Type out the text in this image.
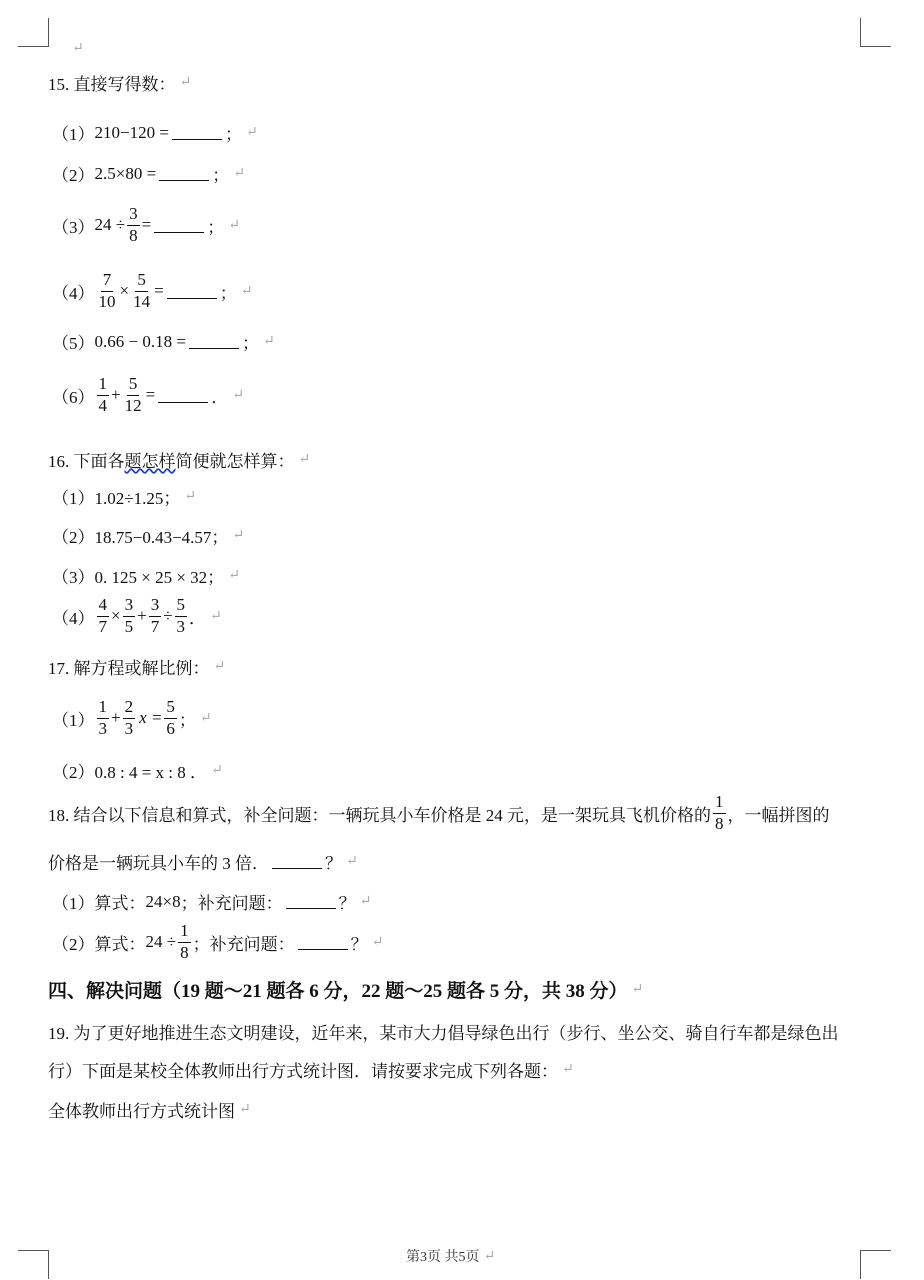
↵
15. 直接写得数： ↵
（1） 210−120 =	； ↵
（2） 2.5×80 =	； ↵
（3） $24 \div \frac{3}{8}$ =	； ↵
$(4) \frac{7}{10} \times \frac{5}{14}$ =	； ↵
（5） 0.66 − 0.18 =	； ↵
$(6) \frac{1}{4} + \frac{5}{12}$ =	． ↵
16. 下面各 题怎样 简便就怎样算： ↵
（1） 1.02÷1.25； ↵
（2） 18.75−0.43−4.57； ↵
（3） 0. 125 × 25 × 32； ↵
$(4) \frac{4}{7} \times \frac{3}{5} + \frac{3}{7} \div \frac{5}{3}$ ． ↵
17. 解方程或解比例： ↵
$(1) \frac{1}{3} + \frac{2}{3}$ $x = \frac{5}{6}$ ； ↵
（2） 0.8 : 4 = x : 8 ． ↵
18. 结合以下信息和算式，补全问题：一辆玩具小车价格是 24 元，是一架玩具飞机价格的 $\frac{1}{8}$ ，一幅拼图的
价格是一辆玩具小车的 3 倍．	？ ↵
（1） 算式： 24×8 ；补充问题：	？ ↵
（2） 算式： $24 \div \frac{1}{8}$ ；补充问题：	？ ↵
四、解决问题（19 题～21 题各 6 分，22 题～25 题各 5 分，共 38 分） ↵
19. 为了更好地推进生态文明建设，近年来，某市大力倡导绿色出行（步行、坐公交、骑自行车都是绿色出
行）下面是某校全体教师出行方式统计图．请按要求完成下列各题： ↵
全体教师出行方式统计图 ↵
第3页 共5页 ↵
